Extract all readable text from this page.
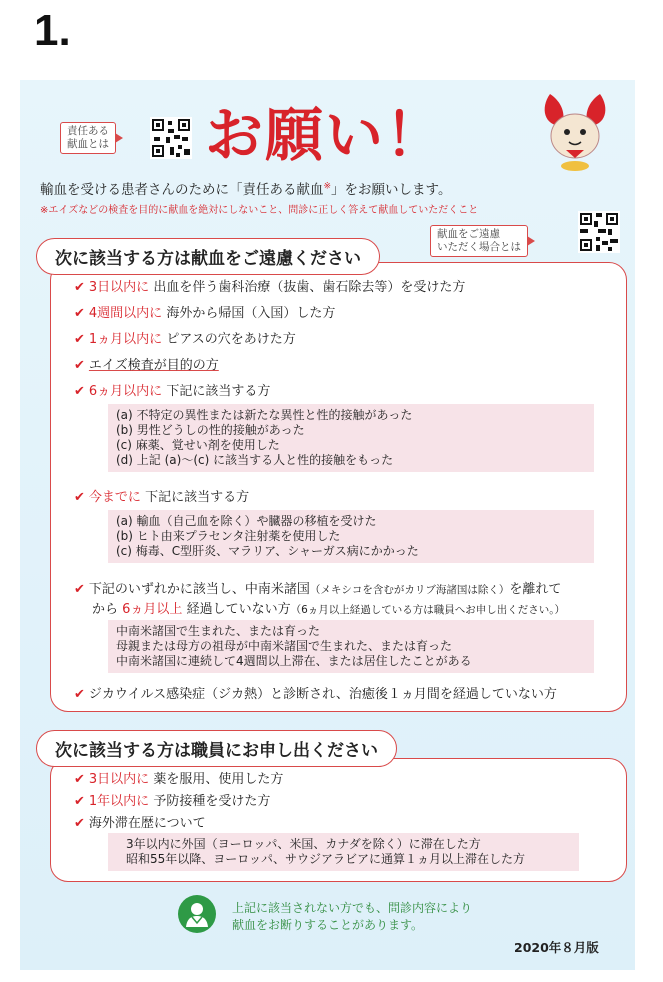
1.
責任ある
献血とは お願い！
輸血を受ける患者さんのために「責任ある献血※」をお願いします。
※エイズなどの検査を目的に献血を絶対にしないこと、問診に正しく答えて献血していただくこと
献血をご遠慮
いただく場合とは
次に該当する方は献血をご遠慮ください
✔ 3日以内に 出血を伴う歯科治療（抜歯、歯石除去等）を受けた方
✔ 4週間以内に 海外から帰国（入国）した方
✔ 1ヵ月以内に ピアスの穴をあけた方
✔ エイズ検査が目的の方
✔ 6ヵ月以内に 下記に該当する方
(a) 不特定の異性または新たな異性と性的接触があった
(b) 男性どうしの性的接触があった
(c) 麻薬、覚せい剤を使用した
(d) 上記 (a)〜(c) に該当する人と性的接触をもった
✔ 今までに 下記に該当する方
(a) 輸血（自己血を除く）や臓器の移植を受けた
(b) ヒト由来プラセンタ注射薬を使用した
(c) 梅毒、C型肝炎、マラリア、シャーガス病にかかった
✔ 下記のいずれかに該当し、中南米諸国（メキシコを含むがカリブ海諸国は除く）を離れて
から 6ヵ月以上 経過していない方（6ヵ月以上経過している方は職員へお申し出ください。）
中南米諸国で生まれた、または育った
母親または母方の祖母が中南米諸国で生まれた、または育った
中南米諸国に連続して4週間以上滞在、または居住したことがある
✔ ジカウイルス感染症（ジカ熱）と診断され、治癒後１ヵ月間を経過していない方
次に該当する方は職員にお申し出ください
✔ 3日以内に 薬を服用、使用した方
✔ 1年以内に 予防接種を受けた方
✔ 海外滞在歴について
3年以内に外国（ヨーロッパ、米国、カナダを除く）に滞在した方
昭和55年以降、ヨーロッパ、サウジアラビアに通算１ヵ月以上滞在した方
上記に該当されない方でも、問診内容により
献血をお断りすることがあります。
2020年８月版
